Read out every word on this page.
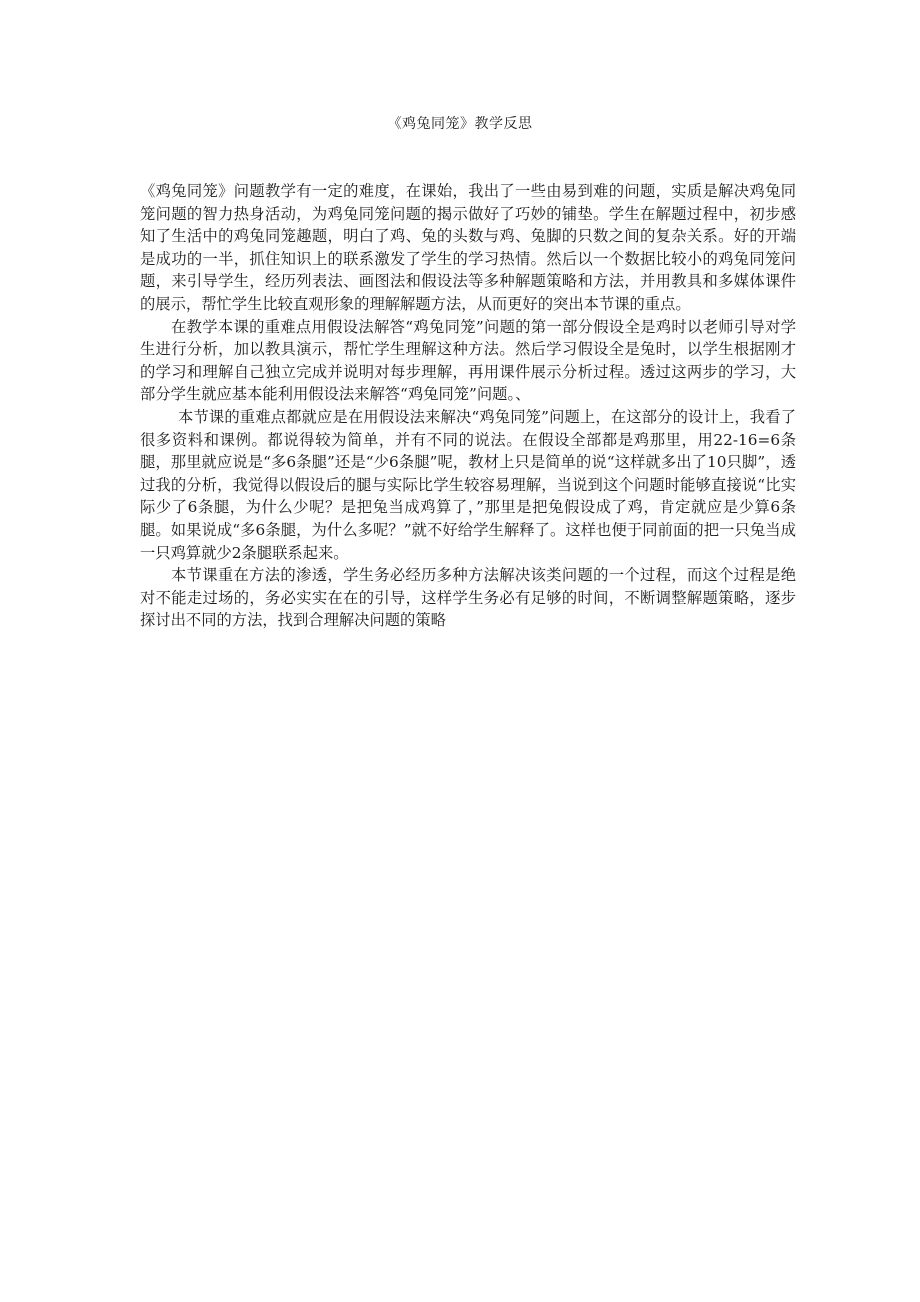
《鸡兔同笼》教学反思

《鸡兔同笼》问题教学有一定的难度，在课始，我出了一些由易到难的问题，实质是解决鸡兔同笼问题的智力热身活动，为鸡兔同笼问题的揭示做好了巧妙的铺垫。学生在解题过程中，初步感知了生活中的鸡兔同笼趣题，明白了鸡、兔的头数与鸡、兔脚的只数之间的复杂关系。好的开端是成功的一半，抓住知识上的联系激发了学生的学习热情。然后以一个数据比较小的鸡兔同笼问题，来引导学生，经历列表法、画图法和假设法等多种解题策略和方法，并用教具和多媒体课件的展示，帮忙学生比较直观形象的理解解题方法，从而更好的突出本节课的重点。

在教学本课的重难点用假设法解答“鸡兔同笼”问题的第一部分假设全是鸡时以老师引导对学生进行分析，加以教具演示，帮忙学生理解这种方法。然后学习假设全是兔时，以学生根据刚才的学习和理解自己独立完成并说明对每步理解，再用课件展示分析过程。透过这两步的学习，大部分学生就应基本能利用假设法来解答“鸡兔同笼”问题。、

本节课的重难点都就应是在用假设法来解决“鸡兔同笼”问题上，在这部分的设计上，我看了很多资料和课例。都说得较为简单，并有不同的说法。在假设全部都是鸡那里，用22-16=6条腿，那里就应说是“多6条腿”还是“少6条腿”呢，教材上只是简单的说“这样就多出了10只脚”，透过我的分析，我觉得以假设后的腿与实际比学生较容易理解，当说到这个问题时能够直接说“比实际少了6条腿，为什么少呢？是把兔当成鸡算了，”那里是把兔假设成了鸡，肯定就应是少算6条腿。如果说成“多6条腿，为什么多呢？”就不好给学生解释了。这样也便于同前面的把一只兔当成一只鸡算就少2条腿联系起来。

本节课重在方法的渗透，学生务必经历多种方法解决该类问题的一个过程，而这个过程是绝对不能走过场的，务必实实在在的引导，这样学生务必有足够的时间，不断调整解题策略，逐步探讨出不同的方法，找到合理解决问题的策略
